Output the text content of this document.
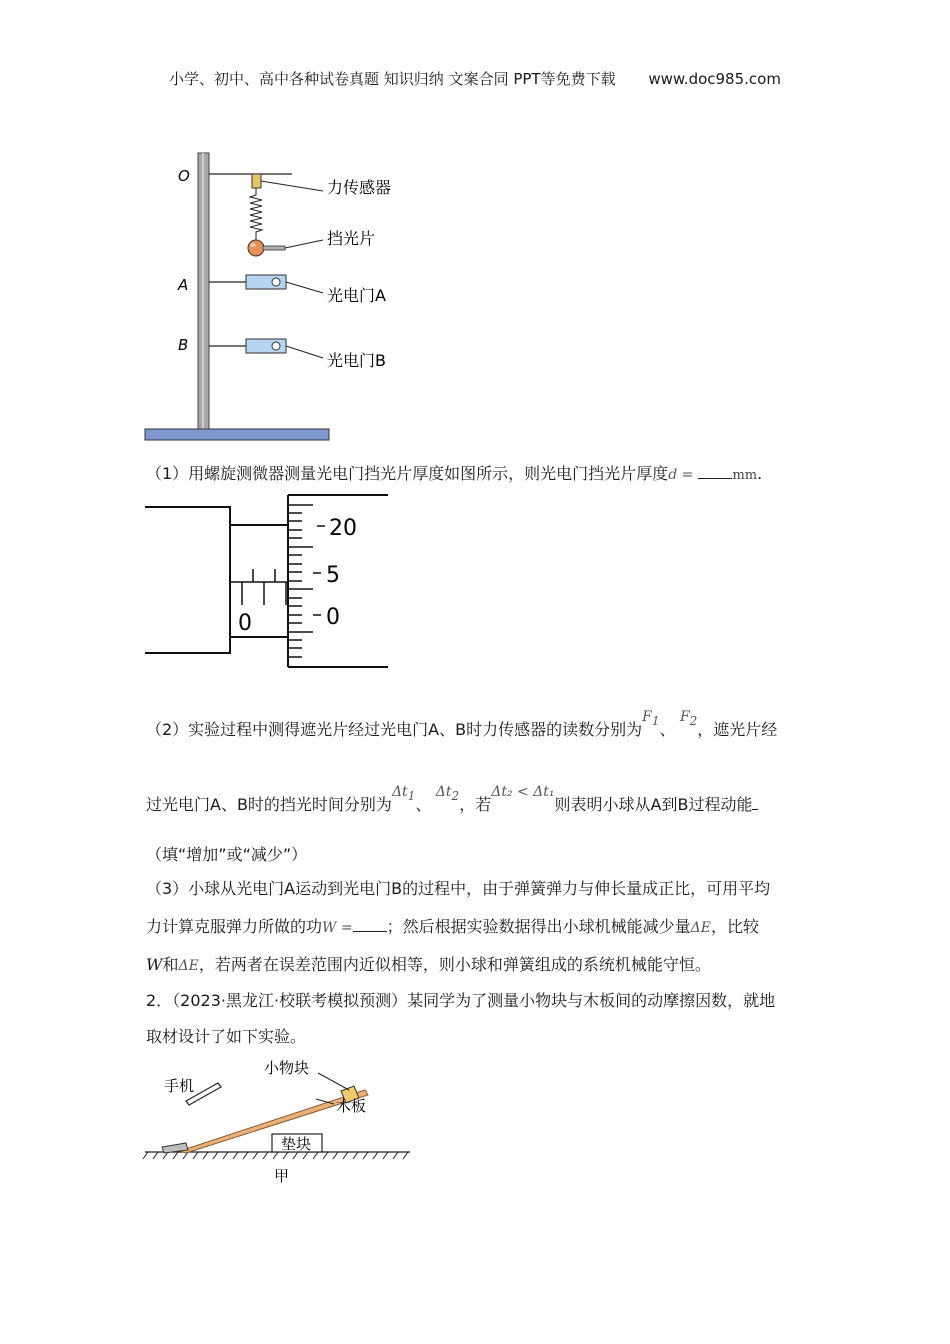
小学、初中、高中各种试卷真题 知识归纳 文案合同 PPT等免费下载 www.doc985.com
O
A
B
力传感器
挡光片
光电门A
光电门B
（1）用螺旋测微器测量光电门挡光片厚度如图所示，则光电门挡光片厚度d =	mm.
0
20
5
0
（2）实验过程中测得遮光片经过光电门A、B时力传感器的读数分别为$F_1$、 $F_2$，遮光片经
过光电门A、B时的挡光时间分别为$\Delta t_1$、 $\Delta t_2$，若Δt₂ < Δt₁则表明小球从A到B过程动能
（填“增加”或“减少”）
（3）小球从光电门A运动到光电门B的过程中，由于弹簧弹力与伸长量成正比，可用平均
力计算克服弹力所做的功W = ；然后根据实验数据得出小球机械能减少量ΔE，比较
W和ΔE，若两者在误差范围内近似相等，则小球和弹簧组成的系统机械能守恒。
2．（2023·黑龙江·校联考模拟预测）某同学为了测量小物块与木板间的动摩擦因数，就地
取材设计了如下实验。
手机
小物块
木板
垫块
甲
